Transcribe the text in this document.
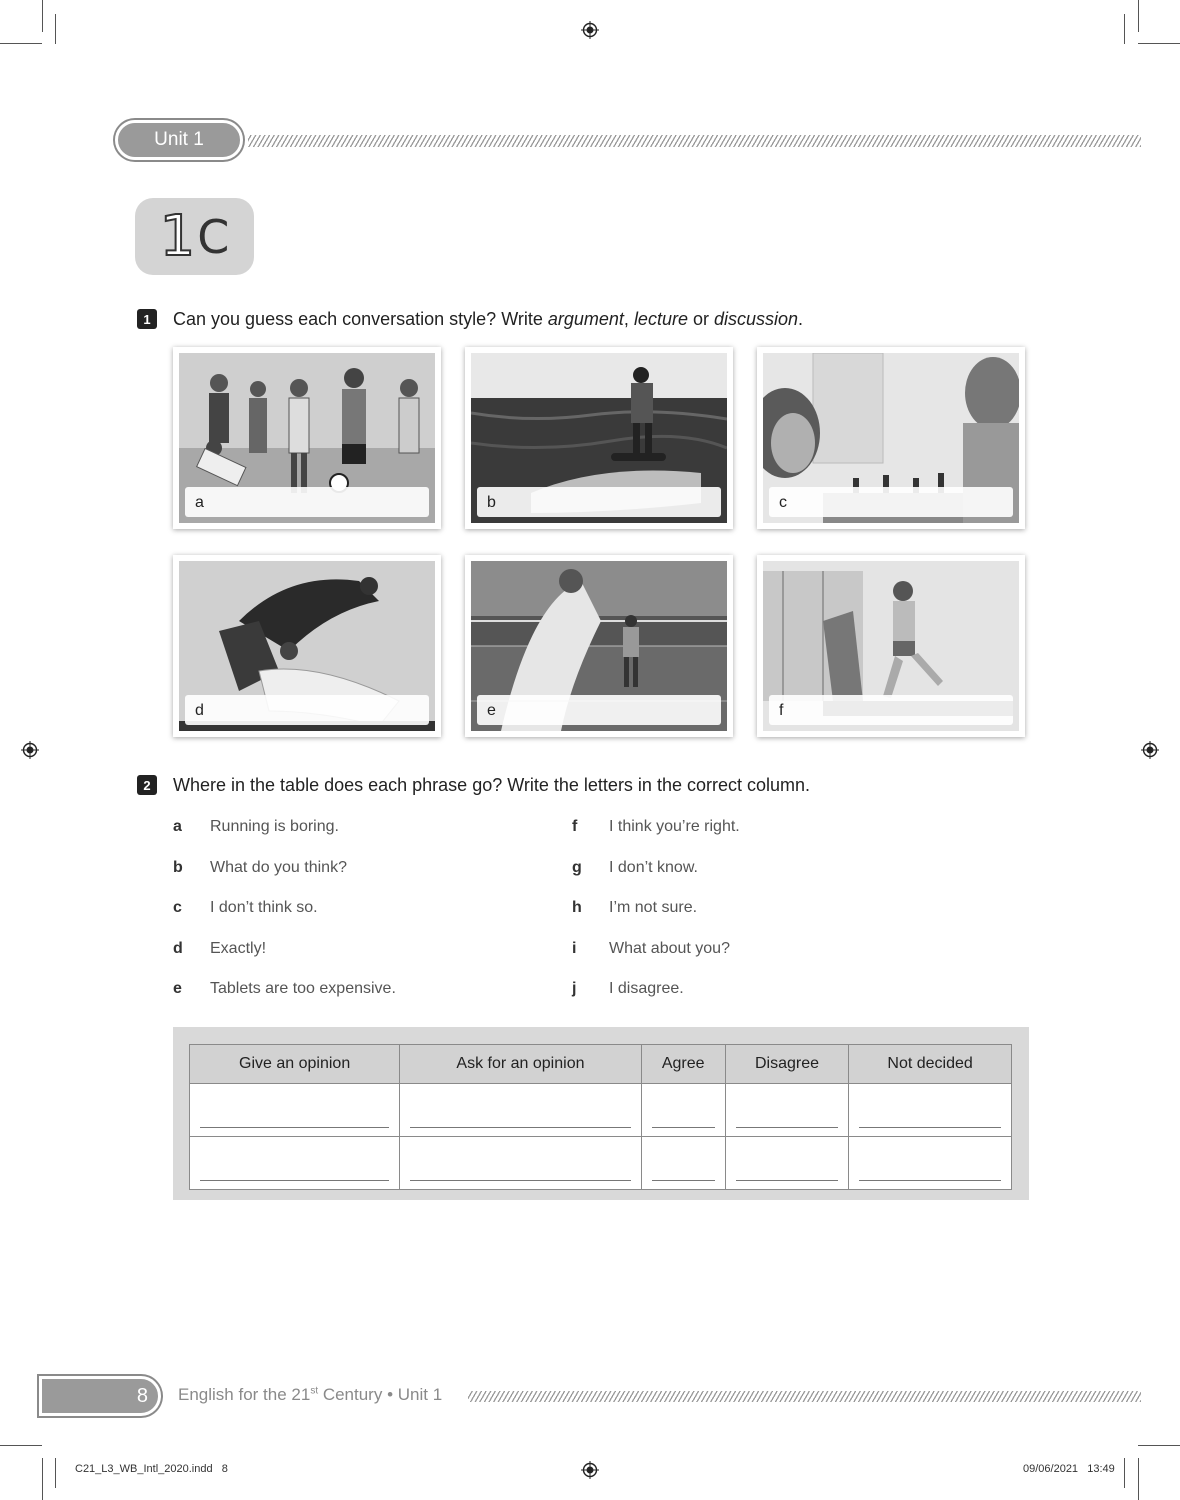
Unit 1
1 C
1	Can you guess each conversation style? Write argument, lecture or discussion.
a	b	c
d	e	f
2	Where in the table does each phrase go? Write the letters in the correct column.
a	Running is boring.
b	What do you think?
c	I don’t think so.
d	Exactly!
e	Tablets are too expensive.
f	I think you’re right.
g	I don’t know.
h	I’m not sure.
i	What about you?
j	I disagree.
Give an opinion	Ask for an opinion	Agree	Disagree	Not decided

8	English for the 21st Century • Unit 1
C21_L3_WB_Intl_2020.indd   8	09/06/2021   13:49
